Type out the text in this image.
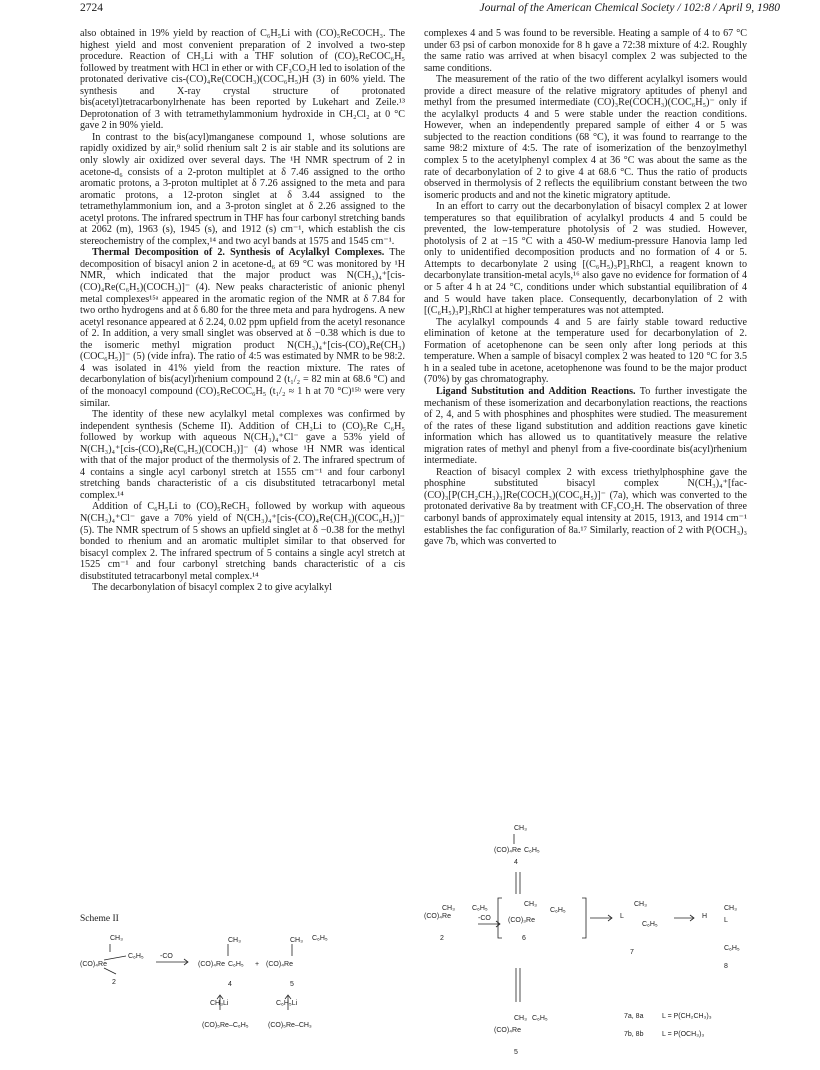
2724	Journal of the American Chemical Society / 102:8 / April 9, 1980

also obtained in 19% yield by reaction of C₆H₅Li with (CO)₅ReCOCH₃. The highest yield and most convenient preparation of 2 involved a two-step procedure. Reaction of CH₃Li with a THF solution of (CO)₅ReCOC₆H₅ followed by treatment with HCl in ether or with CF₃CO₂H led to isolation of the protonated derivative cis-(CO)₄Re(COCH₃)(COC₆H₅)H (3) in 60% yield. The synthesis and X-ray crystal structure of protonated bis(acetyl)tetracarbonylrhenate has been reported by Lukehart and Zeile.¹³ Deprotonation of 3 with tetramethylammonium hydroxide in CH₂Cl₂ at 0 °C gave 2 in 90% yield.

In contrast to the bis(acyl)manganese compound 1, whose solutions are rapidly oxidized by air,⁹ solid rhenium salt 2 is air stable and its solutions are only slowly air oxidized over several days. The ¹H NMR spectrum of 2 in acetone-d₆ consists of a 2-proton multiplet at δ 7.46 assigned to the ortho aromatic protons, a 3-proton multiplet at δ 7.26 assigned to the meta and para aromatic protons, a 12-proton singlet at δ 3.44 assigned to the tetramethylammonium ion, and a 3-proton singlet at δ 2.26 assigned to the acetyl protons. The infrared spectrum in THF has four carbonyl stretching bands at 2062 (m), 1963 (s), 1945 (s), and 1912 (s) cm⁻¹, which establish the cis stereochemistry of the complex,¹⁴ and two acyl bands at 1575 and 1545 cm⁻¹.

Thermal Decomposition of 2. Synthesis of Acylalkyl Complexes. The decomposition of bisacyl anion 2 in acetone-d₆ at 69 °C was monitored by ¹H NMR, which indicated that the major product was N(CH₃)₄⁺[cis-(CO)₄Re(C₆H₅)(COCH₃)]⁻ (4). New peaks characteristic of anionic phenyl metal complexes¹⁵ᵃ appeared in the aromatic region of the NMR at δ 7.84 for two ortho hydrogens and at δ 6.80 for the three meta and para hydrogens. A new acetyl resonance appeared at δ 2.24, 0.02 ppm upfield from the acetyl resonance of 2. In addition, a very small singlet was observed at δ −0.38 which is due to the isomeric methyl migration product N(CH₃)₄⁺[cis-(CO)₄Re(CH₃)(COC₆H₅)]⁻ (5) (vide infra). The ratio of 4:5 was estimated by NMR to be 98:2. 4 was isolated in 41% yield from the reaction mixture. The rates of decarbonylation of bis(acyl)rhenium compound 2 (t₁/₂ = 82 min at 68.6 °C) and of the monoacyl compound (CO)₅ReCOC₆H₅ (t₁/₂ ≈ 1 h at 70 °C)¹⁵ᵇ were very similar.

The identity of these new acylalkyl metal complexes was confirmed by independent synthesis (Scheme II). Addition of CH₃Li to (CO)₅Re C₆H₅ followed by workup with aqueous N(CH₃)₄⁺Cl⁻ gave a 53% yield of N(CH₃)₄⁺[cis-(CO)₄Re(C₆H₅)(COCH₃)]⁻ (4) whose ¹H NMR was identical with that of the major product of the thermolysis of 2. The infrared spectrum of 4 contains a single acyl carbonyl stretch at 1555 cm⁻¹ and four carbonyl stretching bands characteristic of a cis disubstituted tetracarbonyl metal complex.¹⁴

Addition of C₆H₅Li to (CO)₅ReCH₃ followed by workup with aqueous N(CH₃)₄⁺Cl⁻ gave a 70% yield of N(CH₃)₄⁺[cis-(CO)₄Re(CH₃)(COC₆H₅)]⁻ (5). The NMR spectrum of 5 shows an upfield singlet at δ −0.38 for the methyl bonded to rhenium and an aromatic multiplet similar to that observed for bisacyl complex 2. The infrared spectrum of 5 contains a single acyl stretch at 1525 cm⁻¹ and four carbonyl stretching bands characteristic of a cis disubstituted tetracarbonyl metal complex.¹⁴

The decarbonylation of bisacyl complex 2 to give acylalkyl

complexes 4 and 5 was found to be reversible. Heating a sample of 4 to 67 °C under 63 psi of carbon monoxide for 8 h gave a 72:38 mixture of 4:2. Roughly the same ratio was arrived at when bisacyl complex 2 was subjected to the same conditions.

The measurement of the ratio of the two different acylalkyl isomers would provide a direct measure of the relative migratory aptitudes of phenyl and methyl from the presumed intermediate (CO)₃Re(COCH₃)(COC₆H₅)⁻ only if the acylalkyl products 4 and 5 were stable under the reaction conditions. However, when an independently prepared sample of either 4 or 5 was subjected to the reaction conditions (68 °C), it was found to rearrange to the same 98:2 mixture of 4:5. The rate of isomerization of the benzoylmethyl complex 5 to the acetylphenyl complex 4 at 36 °C was about the same as the rate of decarbonylation of 2 to give 4 at 68.6 °C. Thus the ratio of products observed in thermolysis of 2 reflects the equilibrium constant between the two isomeric products and and not the kinetic migratory aptitude.

In an effort to carry out the decarbonylation of bisacyl complex 2 at lower temperatures so that equilibration of acylalkyl products 4 and 5 could be prevented, the low-temperature photolysis of 2 was studied. However, photolysis of 2 at −15 °C with a 450-W medium-pressure Hanovia lamp led only to unidentified decomposition products and no formation of 4 or 5. Attempts to decarbonylate 2 using [(C₆H₅)₃P]₃RhCl, a reagent known to decarbonylate transition-metal acyls,¹⁶ also gave no evidence for formation of 4 or 5 after 4 h at 24 °C, conditions under which substantial equilibration of 4 and 5 would have taken place. Consequently, decarbonylation of 2 with [(C₆H₅)₃P]₃RhCl at higher temperatures was not attempted.

The acylalkyl compounds 4 and 5 are fairly stable toward reductive elimination of ketone at the temperature used for decarbonylation of 2. Formation of acetophenone can be seen only after long periods at this temperature. When a sample of bisacyl complex 2 was heated to 120 °C for 3.5 h in a sealed tube in acetone, acetophenone was found to be the major product (70%) by gas chromatography.

Ligand Substitution and Addition Reactions. To further investigate the mechanism of these isomerization and decarbonylation reactions, the reactions of 2, 4, and 5 with phosphines and phosphites were studied. The measurement of the rates of these ligand substitution and addition reactions gave kinetic information which has allowed us to quantitatively measure the relative migration rates of methyl and phenyl from a five-coordinate bis(acyl)rhenium intermediate.

Reaction of bisacyl complex 2 with excess triethylphosphine gave the phosphine substituted bisacyl complex N(CH₃)₄⁺[fac-(CO)₃[P(CH₂CH₃)₃]Re(COCH₃)(COC₆H₅)]⁻ (7a), which was converted to the protonated derivative 8a by treatment with CF₃CO₂H. The observation of three carbonyl bands of approximately equal intensity at 2015, 1913, and 1914 cm⁻¹ establishes the fac configuration of 8a.¹⁷ Similarly, reaction of 2 with P(OCH₃)₃ gave 7b, which was converted to

Scheme II
CH₃
C₆H₅
(CO)₄Re
2
-CO
CH₃
(CO)₄Re C₆H₅
4
+
CH₃ C₆H₅
(CO)₄Re
5
CH₃Li	C₆H₅Li
(CO)₅Re–C₆H₅	(CO)₅Re–CH₃
CH₃
(CO)₄Re C₆H₅
4
CH₃
(CO)₄Re
C₆H₅
2
-CO
CH₃
(CO)₃Re
C₆H₅
6
CH₃
L
C₆H₅
7
CH₃
H
L
C₆H₅
8
CH₃ C₆H₅
(CO)₄Re
5
7a, 8a	L = P(CH₂CH₃)₃
7b, 8b	L = P(OCH₃)₃
